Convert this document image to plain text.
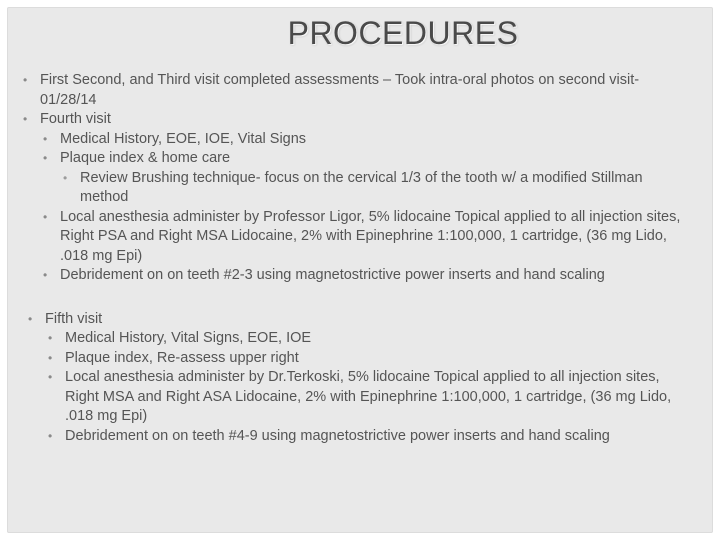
PROCEDURES
• First Second, and Third visit completed assessments – Took intra-oral photos on second visit-01/28/14
• Fourth visit
• Medical History, EOE, IOE, Vital Signs
• Plaque index & home care
• Review Brushing technique- focus on the cervical 1/3 of the tooth w/ a modified Stillman method
• Local anesthesia administer by Professor Ligor, 5% lidocaine Topical applied to all injection sites, Right PSA and Right MSA Lidocaine, 2% with Epinephrine 1:100,000, 1 cartridge, (36 mg Lido, .018 mg Epi)
• Debridement on on teeth #2-3 using magnetostrictive power inserts and hand scaling
• Fifth visit
• Medical History, Vital Signs, EOE, IOE
• Plaque index, Re-assess upper right
• Local anesthesia administer by Dr.Terkoski, 5% lidocaine Topical applied to all injection sites, Right MSA and Right ASA Lidocaine, 2% with Epinephrine 1:100,000, 1 cartridge, (36 mg Lido, .018 mg Epi)
• Debridement on on teeth #4-9 using magnetostrictive power inserts and hand scaling
